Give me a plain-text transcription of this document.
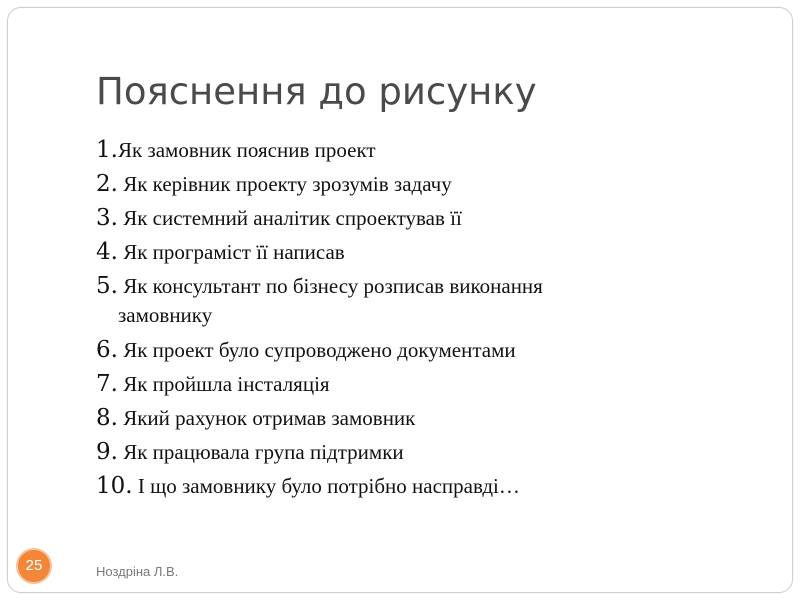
Пояснення до рисунку
1.Як замовник пояснив проект
2. Як керівник проекту зрозумів задачу
3. Як системний аналітик спроектував її
4. Як програміст її написав
5. Як консультант по бізнесу розписав виконання
замовнику
6. Як проект було супроводжено документами
7. Як пройшла інсталяція
8. Який рахунок отримав замовник
9. Як працювала група підтримки
10. І що замовнику було потрібно насправді…
Ноздріна Л.В.
25
